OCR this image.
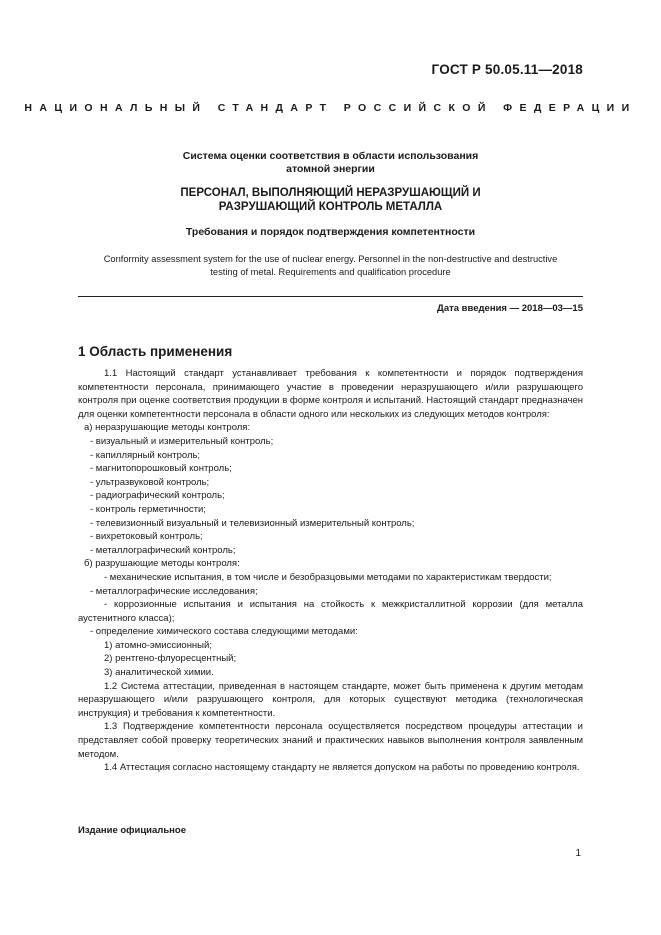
ГОСТ Р 50.05.11—2018
НАЦИОНАЛЬНЫЙ СТАНДАРТ РОССИЙСКОЙ ФЕДЕРАЦИИ
Система оценки соответствия в области использования
атомной энергии
ПЕРСОНАЛ, ВЫПОЛНЯЮЩИЙ НЕРАЗРУШАЮЩИЙ И
РАЗРУШАЮЩИЙ КОНТРОЛЬ МЕТАЛЛА
Требования и порядок подтверждения компетентности
Conformity assessment system for the use of nuclear energy. Personnel in the non-destructive and destructive
testing of metal. Requirements and qualification procedure
Дата введения — 2018—03—15
1 Область применения

1.1 Настоящий стандарт устанавливает требования к компетентности и порядок подтверждения компетентности персонала, принимающего участие в проведении неразрушающего и/или разрушающего контроля при оценке соответствия продукции в форме контроля и испытаний. Настоящий стандарт предназначен для оценки компетентности персонала в области одного или нескольких из следующих методов контроля:

а) неразрушающие методы контроля:

- визуальный и измерительный контроль;

- капиллярный контроль;

- магнитопорошковый контроль;

- ультразвуковой контроль;

- радиографический контроль;

- контроль герметичности;

- телевизионный визуальный и телевизионный измерительный контроль;

- вихретоковый контроль;

- металлографический контроль;

б) разрушающие методы контроля:

- механические испытания, в том числе и безобразцовыми методами по характеристикам твердости;

- металлографические исследования;

- коррозионные испытания и испытания на стойкость к межкристаллитной коррозии (для металла аустенитного класса);

- определение химического состава следующими методами:

1) атомно-эмиссионный;

2) рентгено-флуоресцентный;

3) аналитической химии.

1.2 Система аттестации, приведенная в настоящем стандарте, может быть применена к другим методам неразрушающего и/или разрушающего контроля, для которых существуют методика (технологическая инструкция) и требования к компетентности.

1.3 Подтверждение компетентности персонала осуществляется посредством процедуры аттестации и представляет собой проверку теоретических знаний и практических навыков выполнения контроля заявленным методом.

1.4 Аттестация согласно настоящему стандарту не является допуском на работы по проведению контроля.

Издание официальное
1
